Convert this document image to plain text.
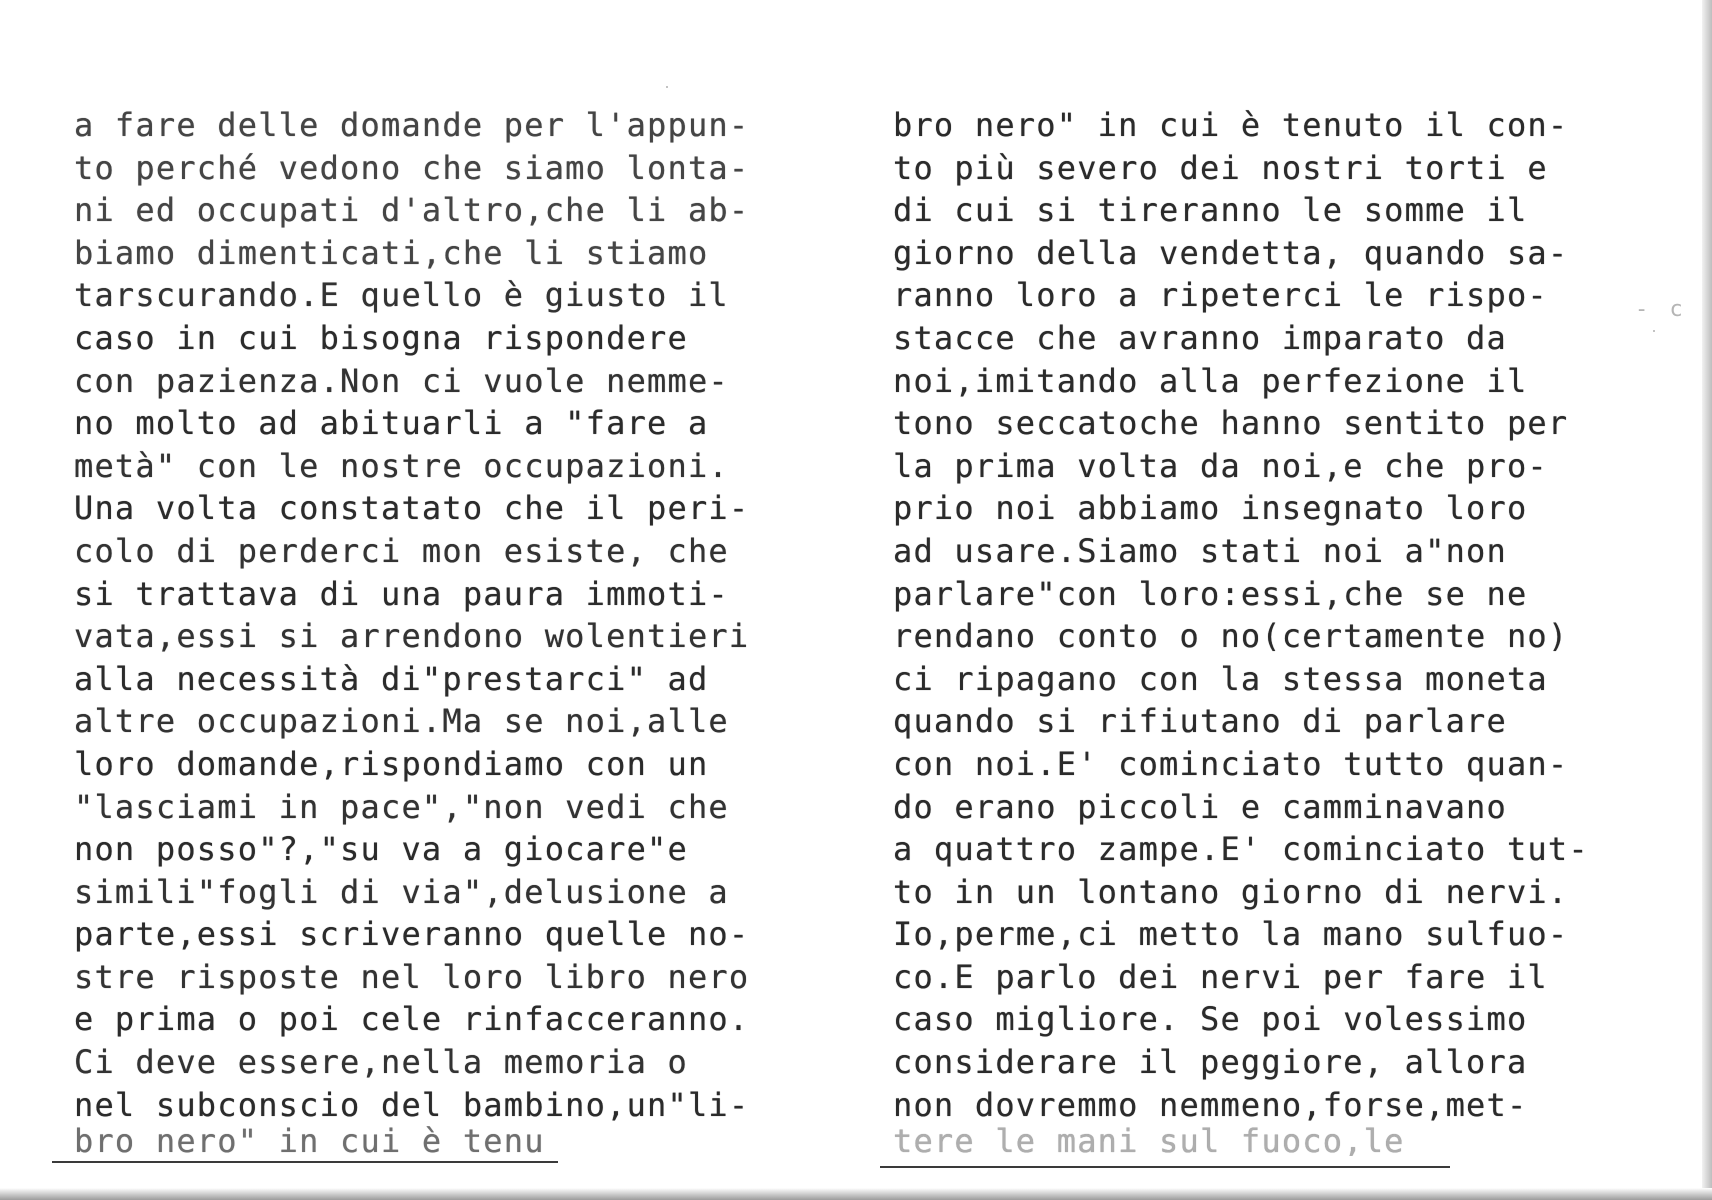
a fare delle domande per l'appun-
to perché vedono che siamo lonta-
ni ed occupati d'altro,che li ab-
biamo dimenticati,che li stiamo
tarscurando.E quello è giusto il
caso in cui bisogna rispondere
con pazienza.Non ci vuole nemme-
no molto ad abituarli a "fare a
metà" con le nostre occupazioni.
Una volta constatato che il peri-
colo di perderci mon esiste, che
si trattava di una paura immoti-
vata,essi si arrendono wolentieri
alla necessità di"prestarci" ad
altre occupazioni.Ma se noi,alle
loro domande,rispondiamo con un
"lasciami in pace","non vedi che
non posso"?,"su va a giocare"e
simili"fogli di via",delusione a
parte,essi scriveranno quelle no-
stre risposte nel loro libro nero
e prima o poi cele rinfacceranno.
Ci deve essere,nella memoria o
nel subconscio del bambino,un"li-
bro nero" in cui è tenu
bro nero" in cui è tenuto il con-
to più severo dei nostri torti e
di cui si tireranno le somme il
giorno della vendetta, quando sa-
ranno loro a ripeterci le rispo-
stacce che avranno imparato da
noi,imitando alla perfezione il
tono seccatoche hanno sentito per
la prima volta da noi,e che pro-
prio noi abbiamo insegnato loro
ad usare.Siamo stati noi a"non
parlare"con loro:essi,che se ne
rendano conto o no(certamente no)
ci ripagano con la stessa moneta
quando si rifiutano di parlare
con noi.E' cominciato tutto quan-
do erano piccoli e camminavano
a quattro zampe.E' cominciato tut-
to in un lontano giorno di nervi.
Io,perme,ci metto la mano sulfuo-
co.E parlo dei nervi per fare il
caso migliore. Se poi volessimo
considerare il peggiore, allora
non dovremmo nemmeno,forse,met-
tere le mani sul fuoco,le
- c
